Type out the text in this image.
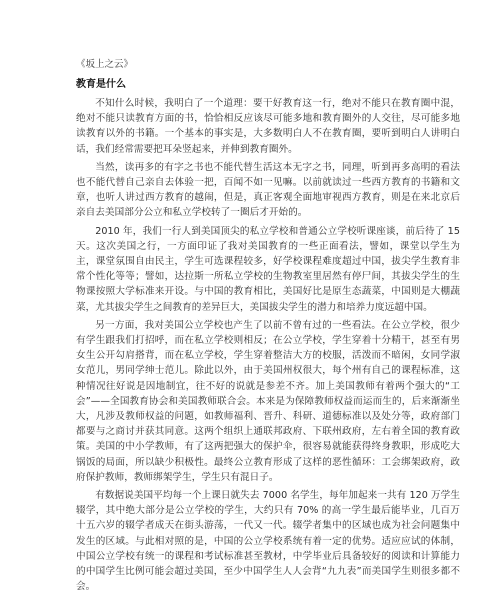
《坂上之云》

教育是什么

不知什么时候，我明白了一个道理：要干好教育这一行，绝对不能只在教育圈中混，绝对不能只读教育方面的书，恰恰相反应该尽可能多地和教育圈外的人交往，尽可能多地读教育以外的书籍。一个基本的事实是，大多数明白人不在教育圈，要听到明白人讲明白话，我们经常需要把耳朵竖起来，并伸到教育圈外。

当然，读再多的有字之书也不能代替生活这本无字之书，同理，听到再多高明的看法也不能代替自己亲自去体验一把，百闻不如一见嘛。以前就读过一些西方教育的书籍和文章，也听人讲过西方教育的越闹，但是，真正客观全面地审视西方教育，则是在来北京后亲自去美国部分公立和私立学校转了一圈后才开始的。

2010 年，我们一行人到美国顶尖的私立学校和普通公立学校听课座谈，前后待了 15 天。这次美国之行，一方面印证了我对美国教育的一些正面看法，譬如，课堂以学生为主，课堂氛围自由民主，学生可选课程较多，好学校课程难度超过中国，拔尖学生教育非常个性化等等；譬如，达拉斯一所私立学校的生物教室里居然有停尸间，其拔尖学生的生物课按照大学标准来开设。与中国的教育相比，美国好比是原生态蔬菜，中国则是大棚蔬菜，尤其拔尖学生之间教育的差异巨大，美国拔尖学生的潜力和培养力度远超中国。

另一方面，我对美国公立学校也产生了以前不曾有过的一些看法。在公立学校，很少有学生跟我们打招呼，而在私立学校则相反；在公立学校，学生穿着十分精干，甚至有男女生公开勾肩搭背，而在私立学校，学生穿着整洁大方的校服，活泼而不暗闲，女同学淑女范儿，男同学绅士范儿。除此以外，由于美国州权很大，每个州有自己的课程标准，这种情况往好说是因地制宜，往不好的说就是参差不齐。加上美国教师有着两个强大的“工会”——全国教育协会和美国教师联合会。本来是为保障教师权益而运而生的，后来渐渐坐大，凡涉及教师权益的问题，如教师福利、晋升、科研、道德标准以及处分等，政府部门都要与之商讨并获其同意。这两个组织上通联邦政府、下联州政府，左右着全国的教育政策。美国的中小学教师，有了这两把强大的保护伞，很容易就能获得终身教职，形成吃大锅饭的局面，所以缺少积极性。最终公立教育形成了这样的恶性循环：工会绑架政府，政府保护教师，教师绑架学生，学生只有混日子。

有数据说美国平均每一个上课日就失去 7000 名学生，每年加起来一共有 120 万学生辍学，其中绝大部分是公立学校的学生，大约只有 70% 的高一学生最后能毕业，几百万十五六岁的辍学者成天在街头游荡，一代又一代。辍学者集中的区域也成为社会问题集中发生的区域。与此相对照的是，中国的公立学校系统有着一定的优势。适应应试的体制，中国公立学校有统一的课程和考试标准甚至教材，中学毕业后具备较好的阅读和计算能力的中国学生比例可能会超过美国，至少中国学生人人会背“九九表”而美国学生则很多都不会。
